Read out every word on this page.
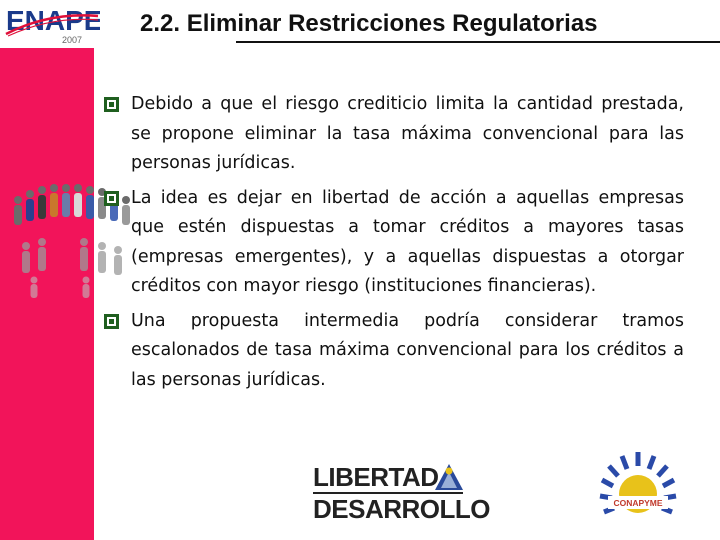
ENAPE
2007
2.2. Eliminar Restricciones Regulatorias
Debido a que el riesgo crediticio limita la cantidad prestada, se propone eliminar la tasa máxima convencional para las personas jurídicas.
La idea es dejar en libertad de acción a aquellas empresas que estén dispuestas a tomar créditos a mayores tasas (empresas emergentes), y a aquellas dispuestas a otorgar créditos con mayor riesgo (instituciones financieras).
Una propuesta intermedia podría considerar tramos escalonados de tasa máxima convencional para los créditos a las personas jurídicas.
LIBERTAD
DESARROLLO	CONAPYME
